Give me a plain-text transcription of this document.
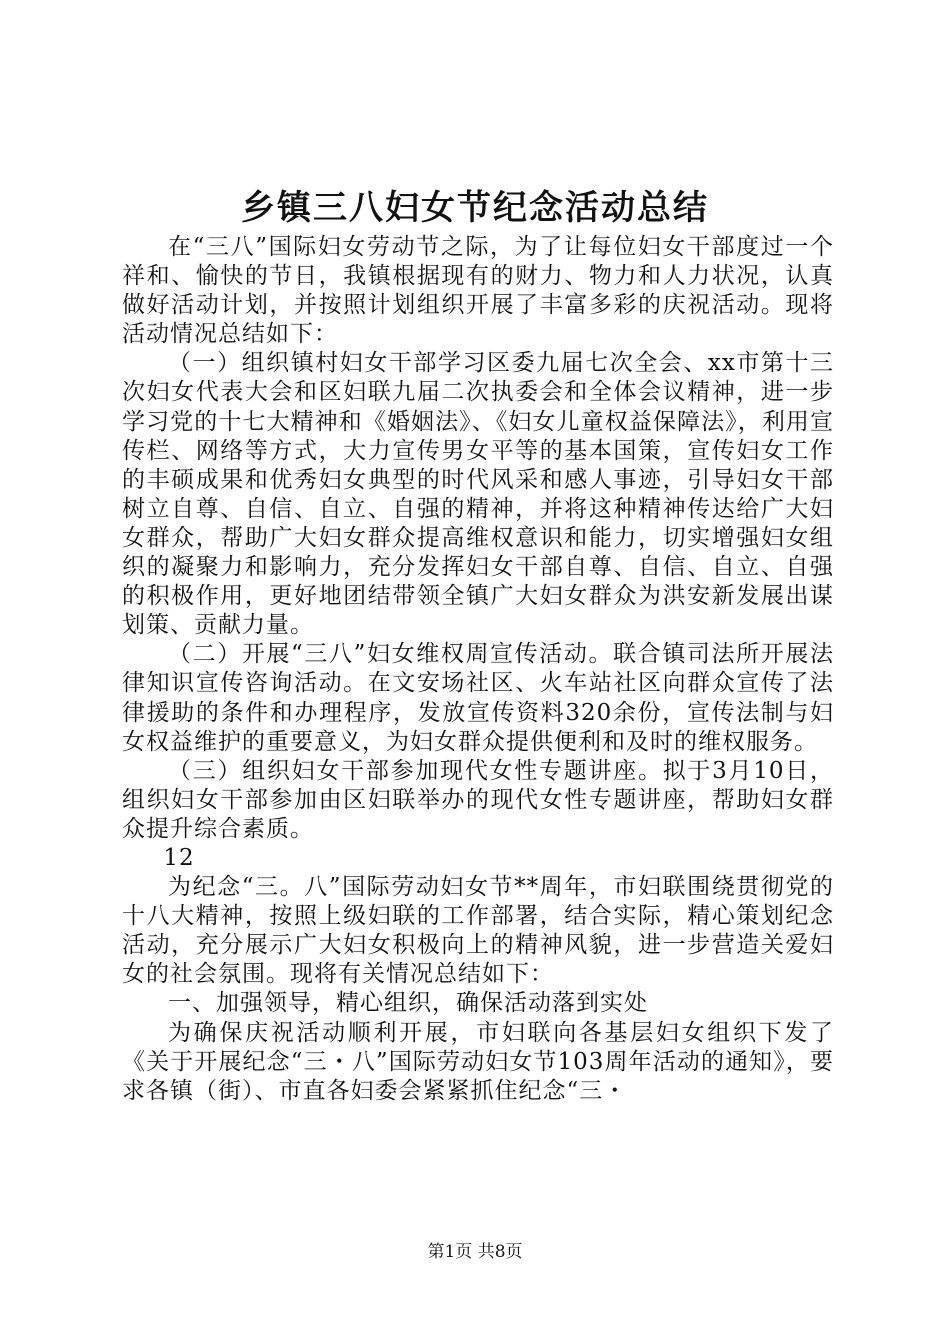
乡镇三八妇女节纪念活动总结

在“三八”国际妇女劳动节之际，为了让每位妇女干部度过一个祥和、愉快的节日，我镇根据现有的财力、物力和人力状况，认真做好活动计划，并按照计划组织开展了丰富多彩的庆祝活动。现将活动情况总结如下：

（一）组织镇村妇女干部学习区委九届七次全会、xx市第十三次妇女代表大会和区妇联九届二次执委会和全体会议精神，进一步学习党的十七大精神和《婚姻法》、《妇女儿童权益保障法》，利用宣传栏、网络等方式，大力宣传男女平等的基本国策，宣传妇女工作的丰硕成果和优秀妇女典型的时代风采和感人事迹，引导妇女干部树立自尊、自信、自立、自强的精神，并将这种精神传达给广大妇女群众，帮助广大妇女群众提高维权意识和能力，切实增强妇女组织的凝聚力和影响力，充分发挥妇女干部自尊、自信、自立、自强的积极作用，更好地团结带领全镇广大妇女群众为洪安新发展出谋划策、贡献力量。

（二）开展“三八”妇女维权周宣传活动。联合镇司法所开展法律知识宣传咨询活动。在文安场社区、火车站社区向群众宣传了法律援助的条件和办理程序，发放宣传资料320余份，宣传法制与妇女权益维护的重要意义，为妇女群众提供便利和及时的维权服务。

（三）组织妇女干部参加现代女性专题讲座。拟于3月10日，组织妇女干部参加由区妇联举办的现代女性专题讲座，帮助妇女群众提升综合素质。

12

为纪念“三。八”国际劳动妇女节**周年，市妇联围绕贯彻党的十八大精神，按照上级妇联的工作部署，结合实际，精心策划纪念活动，充分展示广大妇女积极向上的精神风貌，进一步营造关爱妇女的社会氛围。现将有关情况总结如下：

一、加强领导，精心组织，确保活动落到实处

为确保庆祝活动顺利开展，市妇联向各基层妇女组织下发了《关于开展纪念“三・八”国际劳动妇女节103周年活动的通知》，要求各镇（街）、市直各妇委会紧紧抓住纪念“三・

第1页 共8页
